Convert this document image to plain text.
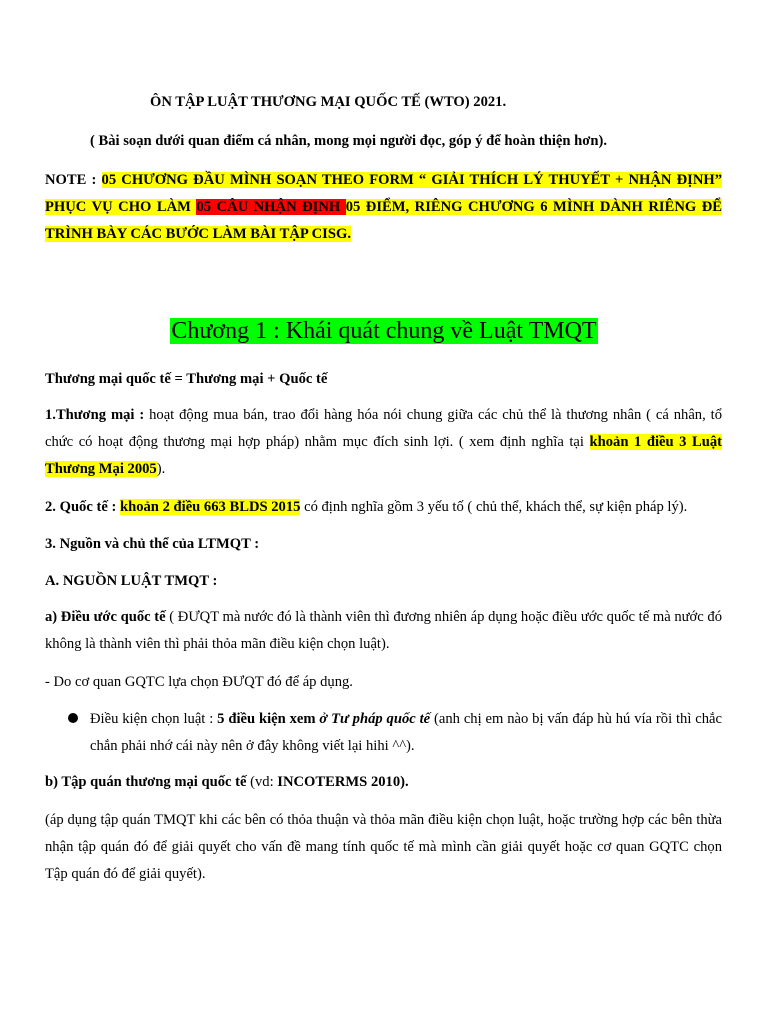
ÔN TẬP LUẬT THƯƠNG MẠI QUỐC TẾ (WTO) 2021.
( Bài soạn dưới quan điểm cá nhân, mong mọi người đọc, góp ý để hoàn thiện hơn).
NOTE : 05 CHƯƠNG ĐẦU MÌNH SOẠN THEO FORM “ GIẢI THÍCH LÝ THUYẾT + NHẬN ĐỊNH” PHỤC VỤ CHO LÀM 05 CÂU NHẬN ĐỊNH 05 ĐIỂM, RIÊNG CHƯƠNG 6 MÌNH DÀNH RIÊNG ĐỂ TRÌNH BÀY CÁC BƯỚC LÀM BÀI TẬP CISG.
Chương 1 : Khái quát chung về Luật TMQT
Thương mại quốc tế = Thương mại + Quốc tế
1.Thương mại : hoạt động mua bán, trao đổi hàng hóa nói chung giữa các chủ thể là thương nhân ( cá nhân, tổ chức có hoạt động thương mại hợp pháp) nhằm mục đích sinh lợi. ( xem định nghĩa tại khoản 1 điều 3 Luật Thương Mại 2005).
2. Quốc tế : khoản 2 điều 663 BLDS 2015 có định nghĩa gồm 3 yếu tố ( chủ thể, khách thể, sự kiện pháp lý).
3. Nguồn và chủ thể của LTMQT :
A. NGUỒN LUẬT TMQT :
a) Điều ước quốc tế ( ĐƯQT mà nước đó là thành viên thì đương nhiên áp dụng hoặc điều ước quốc tế mà nước đó không là thành viên thì phải thỏa mãn điều kiện chọn luật).
- Do cơ quan GQTC lựa chọn ĐƯQT đó để áp dụng.
Điều kiện chọn luật : 5 điều kiện xem ở Tư pháp quốc tế (anh chị em nào bị vấn đáp hù hú vía rồi thì chắc chắn phải nhớ cái này nên ở đây không viết lại hihi ^^).
b) Tập quán thương mại quốc tế (vd: INCOTERMS 2010).
(áp dụng tập quán TMQT khi các bên có thỏa thuận và thỏa mãn điều kiện chọn luật, hoặc trường hợp các bên thừa nhận tập quán đó để giải quyết cho vấn đề mang tính quốc tế mà mình cần giải quyết hoặc cơ quan GQTC chọn Tập quán đó để giải quyết).
